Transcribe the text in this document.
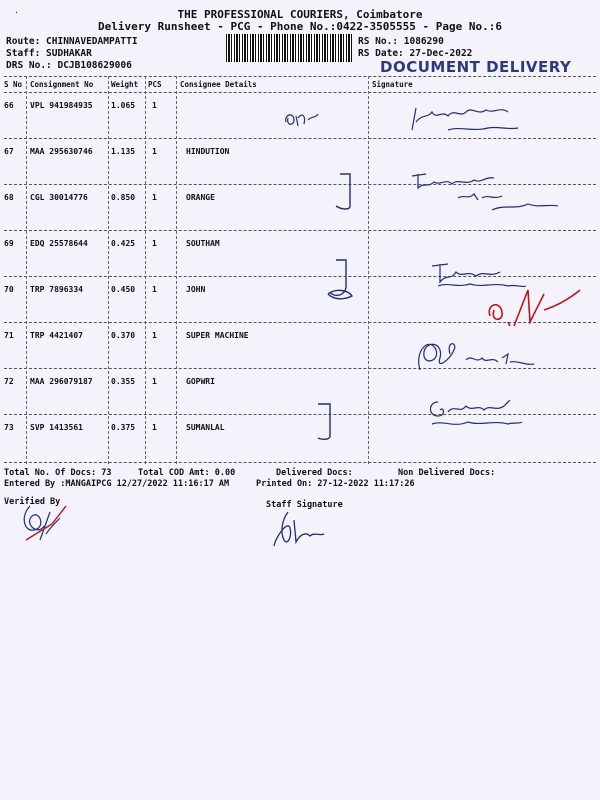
.	THE PROFESSIONAL COURIERS, Coimbatore
Delivery Runsheet - PCG - Phone No.:0422-3505555 - Page No.:6
Route: CHINNAVEDAMPATTI
Staff: SUDHAKAR
DRS No.: DCJB108629006
RS No.: 1086290
RS Date: 27-Dec-2022
DOCUMENT DELIVERY
S No Consignment No Weight PCS Consignee Details	Signature
66 VPL 941984935 1.065 1
67 MAA 295630746 1.135 1	HINDUTION
68 CGL 30014776	0.850 1	ORANGE
69 EDQ 25578644	0.425 1	SOUTHAM
70 TRP 7896334	0.450 1	JOHN
71 TRP 4421407	0.370 1	SUPER MACHINE
72 MAA 296079187 0.355 1	GOPWRI
73 SVP 1413561	0.375 1	SUMANLAL
Total No. Of Docs: 73	Total COD Amt: 0.00	Delivered Docs:	Non Delivered Docs:
Entered By :MANGAIPCG 12/27/2022 11:16:17 AM	Printed On: 27-12-2022 11:17:26
Verified By	Staff Signature
